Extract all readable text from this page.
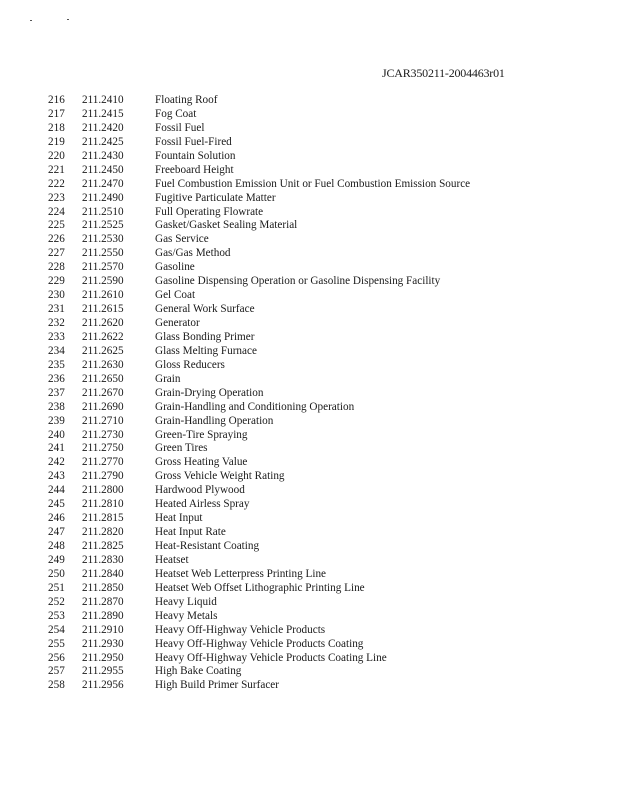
JCAR350211-2004463r01
216	211.2410	Floating Roof
217	211.2415	Fog Coat
218	211.2420	Fossil Fuel
219	211.2425	Fossil Fuel-Fired
220	211.2430	Fountain Solution
221	211.2450	Freeboard Height
222	211.2470	Fuel Combustion Emission Unit or Fuel Combustion Emission Source
223	211.2490	Fugitive Particulate Matter
224	211.2510	Full Operating Flowrate
225	211.2525	Gasket/Gasket Sealing Material
226	211.2530	Gas Service
227	211.2550	Gas/Gas Method
228	211.2570	Gasoline
229	211.2590	Gasoline Dispensing Operation or Gasoline Dispensing Facility
230	211.2610	Gel Coat
231	211.2615	General Work Surface
232	211.2620	Generator
233	211.2622	Glass Bonding Primer
234	211.2625	Glass Melting Furnace
235	211.2630	Gloss Reducers
236	211.2650	Grain
237	211.2670	Grain-Drying Operation
238	211.2690	Grain-Handling and Conditioning Operation
239	211.2710	Grain-Handling Operation
240	211.2730	Green-Tire Spraying
241	211.2750	Green Tires
242	211.2770	Gross Heating Value
243	211.2790	Gross Vehicle Weight Rating
244	211.2800	Hardwood Plywood
245	211.2810	Heated Airless Spray
246	211.2815	Heat Input
247	211.2820	Heat Input Rate
248	211.2825	Heat-Resistant Coating
249	211.2830	Heatset
250	211.2840	Heatset Web Letterpress Printing Line
251	211.2850	Heatset Web Offset Lithographic Printing Line
252	211.2870	Heavy Liquid
253	211.2890	Heavy Metals
254	211.2910	Heavy Off-Highway Vehicle Products
255	211.2930	Heavy Off-Highway Vehicle Products Coating
256	211.2950	Heavy Off-Highway Vehicle Products Coating Line
257	211.2955	High Bake Coating
258	211.2956	High Build Primer Surfacer
